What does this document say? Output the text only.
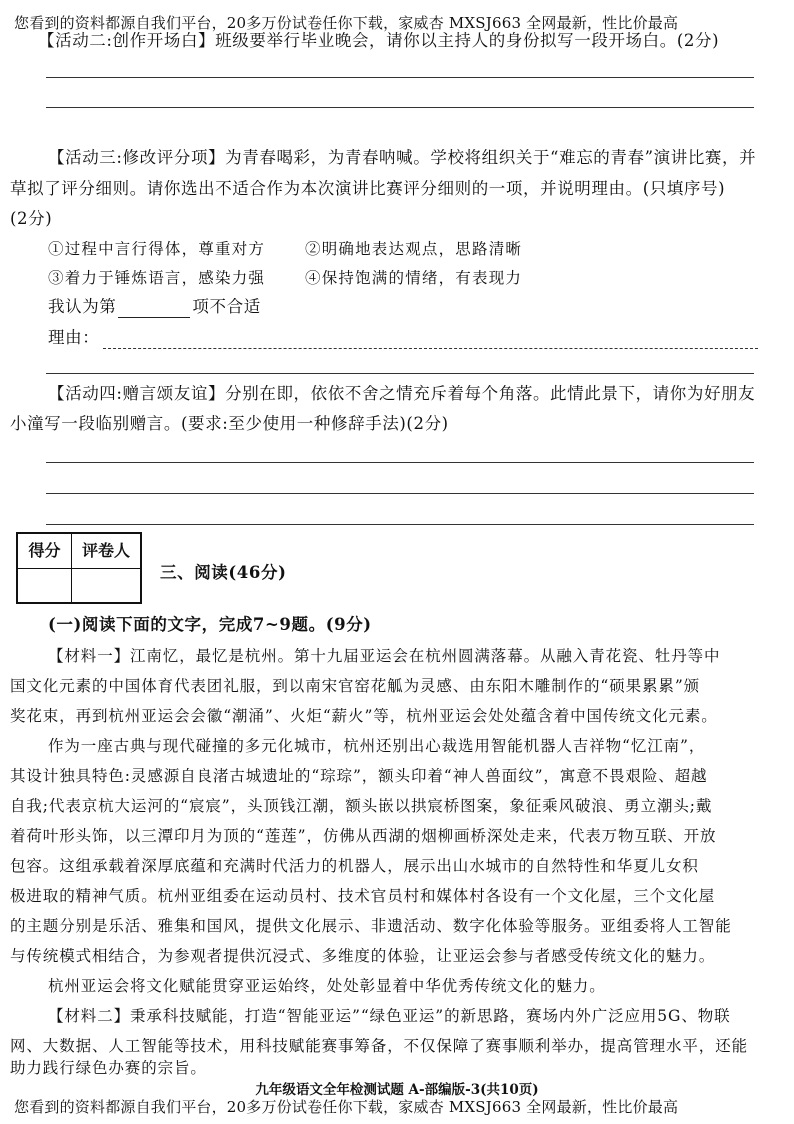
您看到的资料都源自我们平台，20多万份试卷任你下载，家威杏 MXSJ663 全网最新，性比价最高
【活动二:创作开场白】班级要举行毕业晚会，请你以主持人的身份拟写一段开场白。(2分)
【活动三:修改评分项】为青春喝彩，为青春呐喊。学校将组织关于“难忘的青春”演讲比赛，并
草拟了评分细则。请你选出不适合作为本次演讲比赛评分细则的一项，并说明理由。(只填序号)
(2分)
①过程中言行得体，尊重对方	②明确地表达观点，思路清晰
③着力于锤炼语言，感染力强	④保持饱满的情绪，有表现力
我认为第	项不合适
理由：
【活动四:赠言颂友谊】分别在即，依依不舍之情充斥着每个角落。此情此景下，请你为好朋友
小潼写一段临别赠言。(要求:至少使用一种修辞手法)(2分)
得分	评卷人
三、阅读(46分)
(一)阅读下面的文字，完成7~9题。(9分)
【材料一】江南忆，最忆是杭州。第十九届亚运会在杭州圆满落幕。从融入青花瓷、牡丹等中
国文化元素的中国体育代表团礼服，到以南宋官窑花觚为灵感、由东阳木雕制作的“硕果累累”颁
奖花束，再到杭州亚运会会徽“潮涌”、火炬“薪火”等，杭州亚运会处处蕴含着中国传统文化元素。
作为一座古典与现代碰撞的多元化城市，杭州还别出心裁选用智能机器人吉祥物“忆江南”，
其设计独具特色:灵感源自良渚古城遗址的“琮琮”，额头印着“神人兽面纹”，寓意不畏艰险、超越
自我;代表京杭大运河的“宸宸”，头顶钱江潮，额头嵌以拱宸桥图案，象征乘风破浪、勇立潮头;戴
着荷叶形头饰，以三潭印月为顶的“莲莲”，仿佛从西湖的烟柳画桥深处走来，代表万物互联、开放
包容。这组承载着深厚底蕴和充满时代活力的机器人，展示出山水城市的自然特性和华夏儿女积
极进取的精神气质。杭州亚组委在运动员村、技术官员村和媒体村各设有一个文化屋，三个文化屋
的主题分别是乐活、雅集和国风，提供文化展示、非遗活动、数字化体验等服务。亚组委将人工智能
与传统模式相结合，为参观者提供沉浸式、多维度的体验，让亚运会参与者感受传统文化的魅力。
杭州亚运会将文化赋能贯穿亚运始终，处处彰显着中华优秀传统文化的魅力。
【材料二】秉承科技赋能，打造“智能亚运”“绿色亚运”的新思路，赛场内外广泛应用5G、物联
网、大数据、人工智能等技术，用科技赋能赛事筹备，不仅保障了赛事顺利举办，提高管理水平，还能
助力践行绿色办赛的宗旨。
九年级语文全年检测试题 A-部编版-3(共10页)
您看到的资料都源自我们平台，20多万份试卷任你下载，家威杏 MXSJ663 全网最新，性比价最高
